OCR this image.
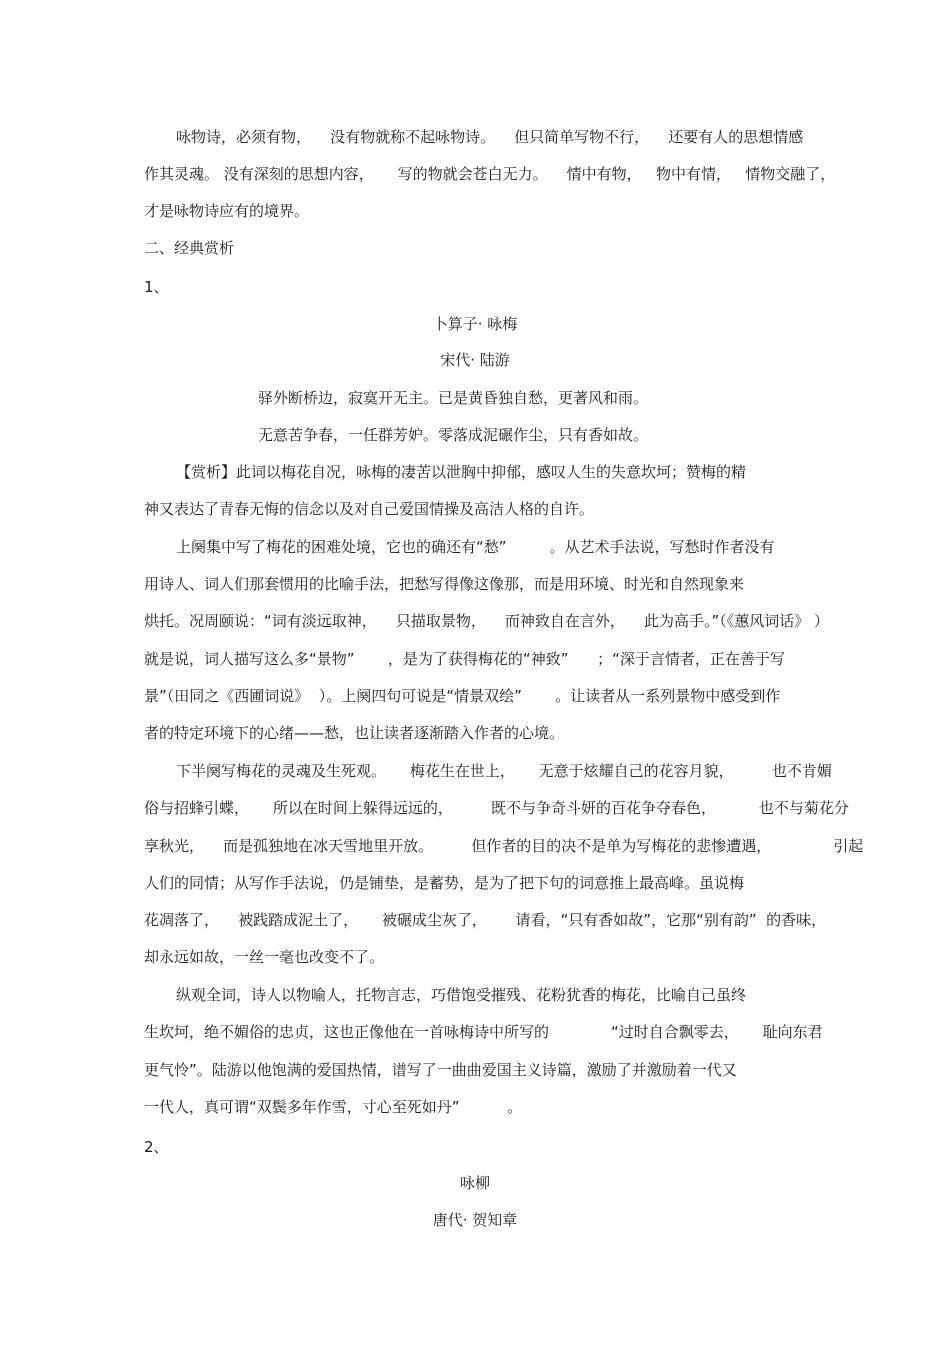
咏物诗，必须有物，    没有物就称不起咏物诗。    但只简单写物不行，    还要有人的思想情感
作其灵魂。 没有深刻的思想内容，     写的物就会苍白无力。    情中有物，   物中有情，   情物交融了，
才是咏物诗应有的境界。
二、经典赏析
1、
卜算子· 咏梅
宋代· 陆游
驿外断桥边，寂寞开无主。已是黄昏独自愁，更著风和雨。
无意苦争春，一任群芳妒。零落成泥碾作尘，只有香如故。
【赏析】此词以梅花自况，咏梅的凄苦以泄胸中抑郁，感叹人生的失意坎坷；赞梅的精
神又表达了青春无悔的信念以及对自己爱国情操及高洁人格的自许。
上阕集中写了梅花的困难处境，它也的确还有“愁”         。从艺术手法说，写愁时作者没有
用诗人、词人们那套惯用的比喻手法，把愁写得像这像那，而是用环境、时光和自然现象来
烘托。况周颐说：“词有淡远取神，    只描取景物，    而神致自在言外，    此为高手。”（《蕙风词话》 ）
就是说，词人描写这么多“景物”       ，是为了获得梅花的“神致”      ；“深于言情者，正在善于写
景”（田同之《西圃词说》  ）。上阕四句可说是“情景双绘”       。让读者从一系列景物中感受到作
者的特定环境下的心绪——愁，也让读者逐渐踏入作者的心境。
下半阕写梅花的灵魂及生死观。     梅花生在世上，     无意于炫耀自己的花容月貌，        也不肯媚
俗与招蜂引蝶，     所以在时间上躲得远远的，        既不与争奇斗妍的百花争夺春色，         也不与菊花分
享秋光，    而是孤独地在冰天雪地里开放。        但作者的目的决不是单为写梅花的悲惨遭遇，             引起
人们的同情；从写作手法说，仍是铺垫，是蓄势，是为了把下句的词意推上最高峰。虽说梅
花凋落了，    被践踏成泥土了，     被碾成尘灰了，      请看，“只有香如故”，它那“别有韵”  的香味，
却永远如故，一丝一毫也改变不了。
纵观全词，诗人以物喻人，托物言志，巧借饱受摧残、花粉犹香的梅花，比喻自己虽终
生坎坷，绝不媚俗的忠贞，这也正像他在一首咏梅诗中所写的             “过时自合飘零去，     耻向东君
更气怜”。陆游以他饱满的爱国热情，谱写了一曲曲爱国主义诗篇，激励了并激励着一代又
一代人，真可谓“双鬓多年作雪，寸心至死如丹”          。
2、
咏柳
唐代· 贺知章
